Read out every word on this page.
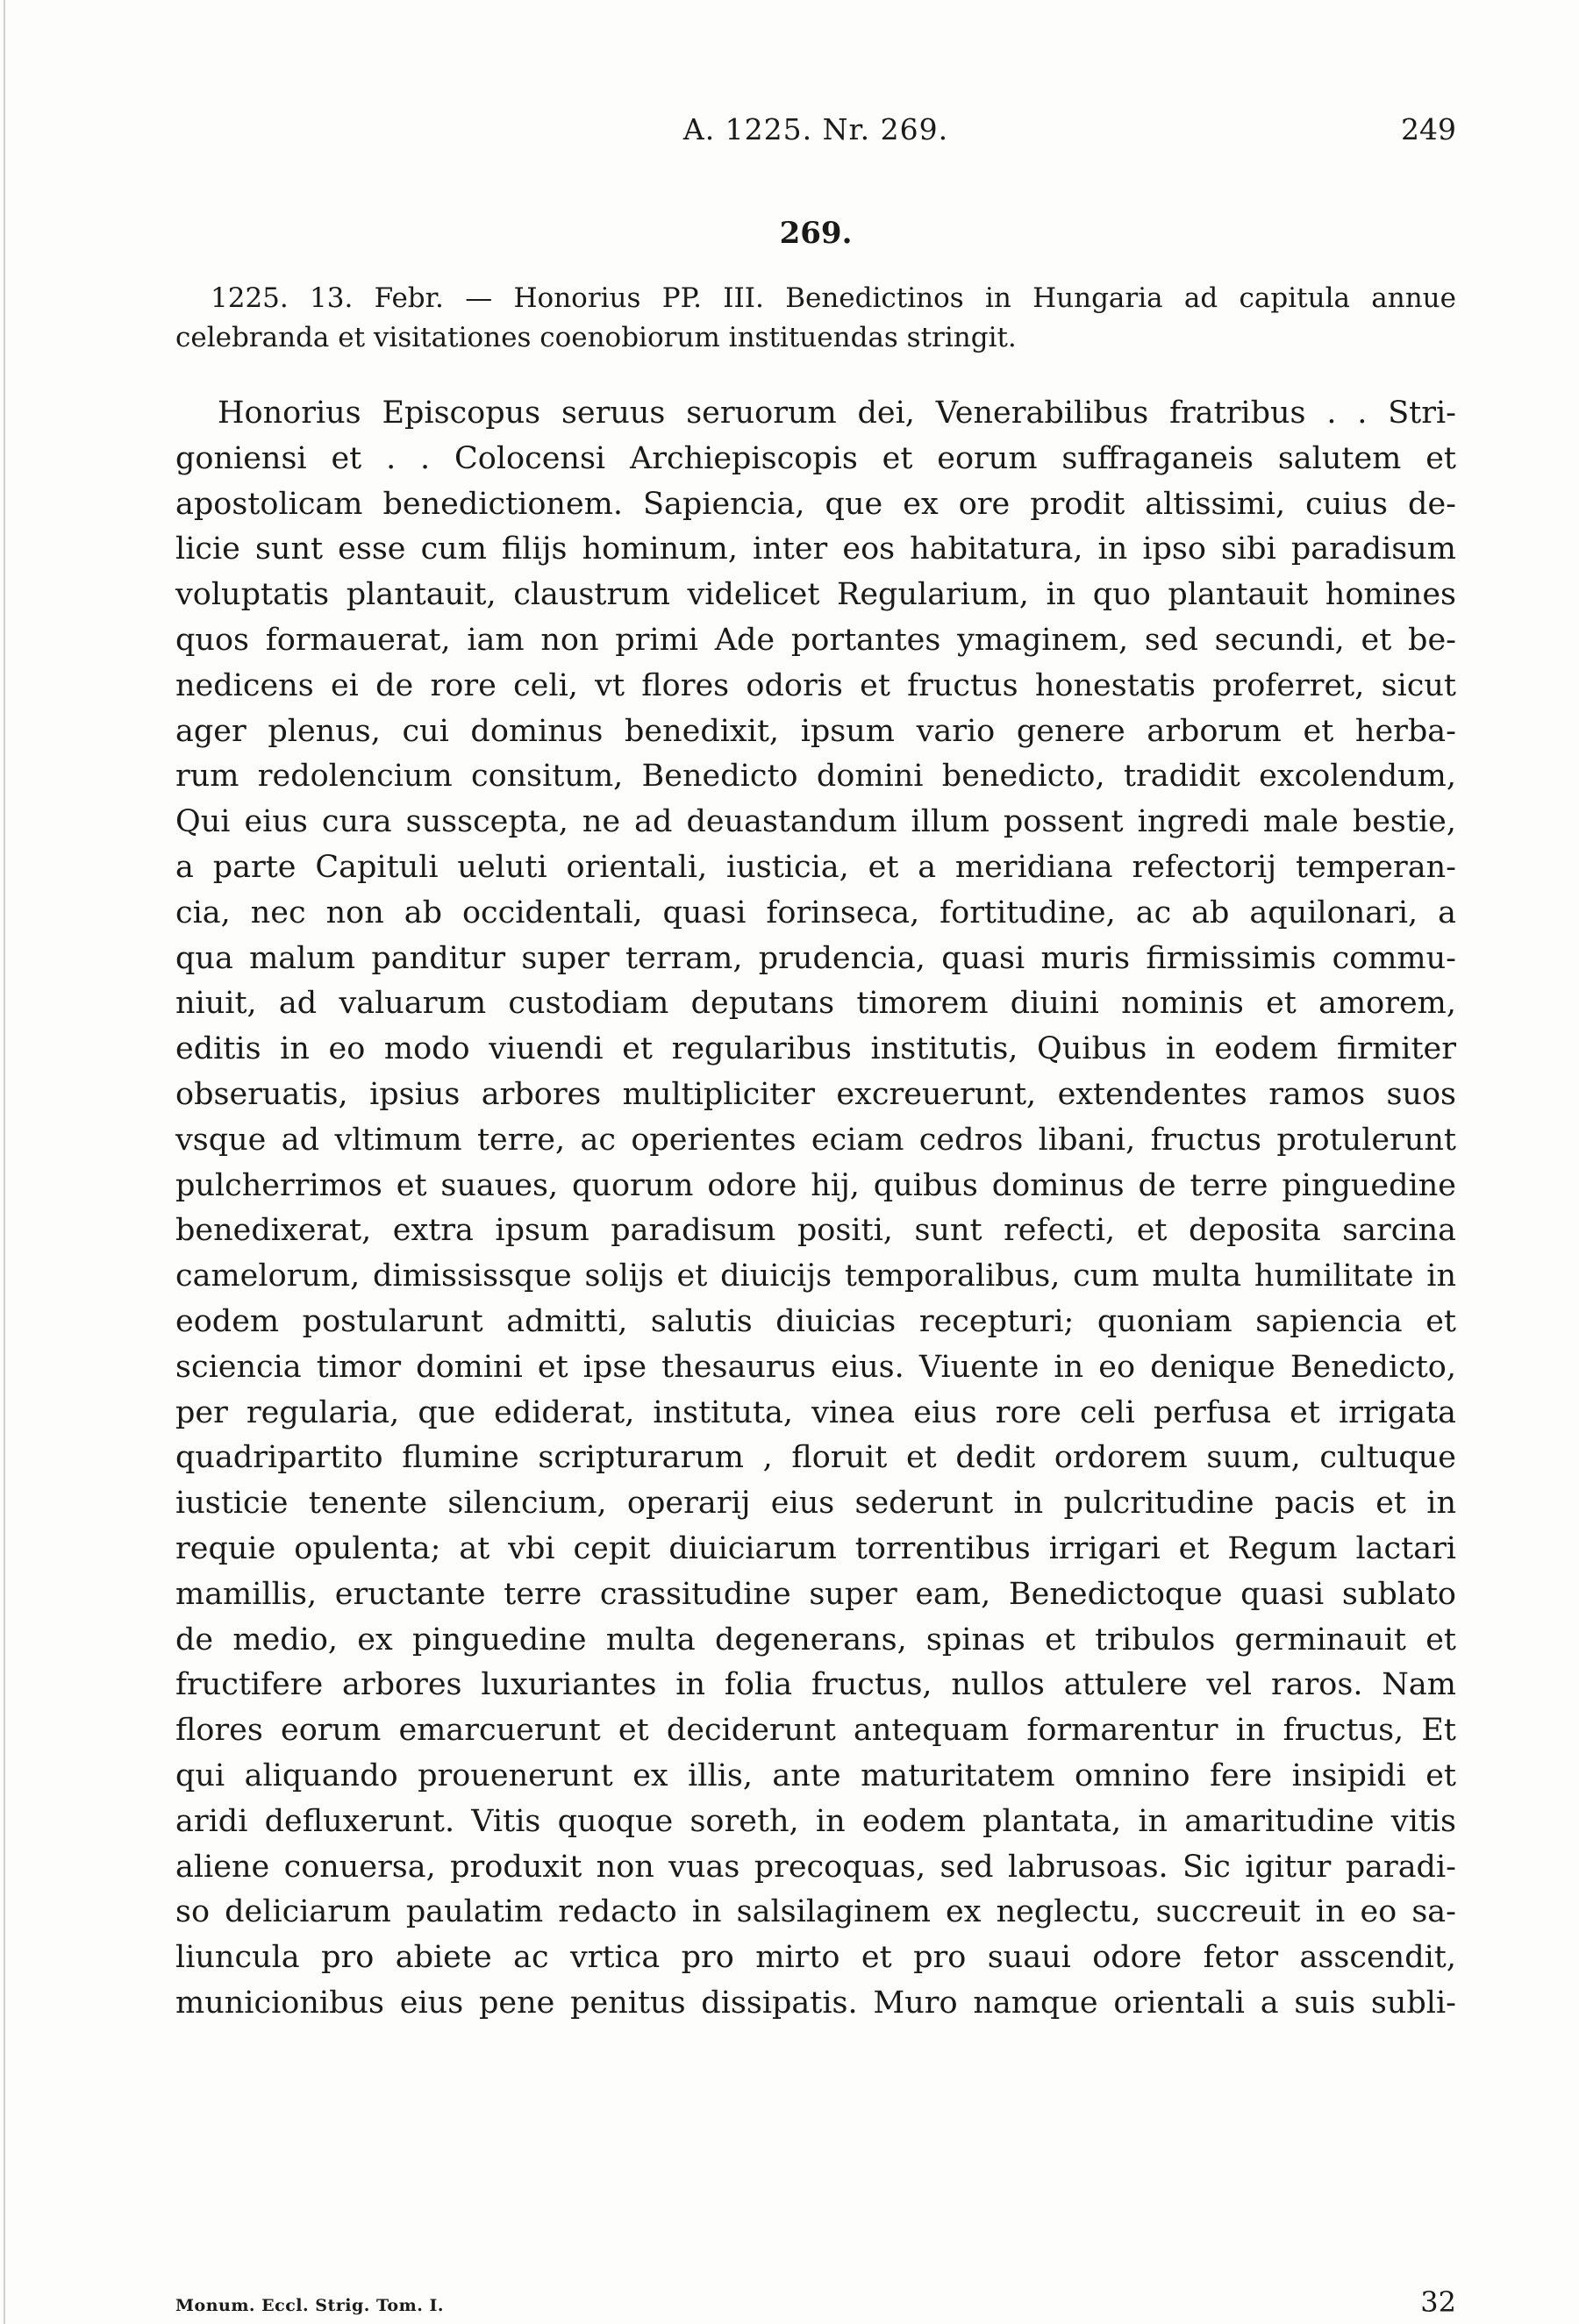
A. 1225. Nr. 269.	249
269.
1225. 13. Febr. — Honorius PP. III. Benedictinos in Hungaria ad capitula annue celebranda et visitationes coenobiorum instituendas stringit.
Honorius Episcopus seruus seruorum dei, Venerabilibus fratribus . . Stri-
goniensi et . . Colocensi Archiepiscopis et eorum suffraganeis salutem et
apostolicam benedictionem. Sapiencia, que ex ore prodit altissimi, cuius de-
licie sunt esse cum filijs hominum, inter eos habitatura, in ipso sibi paradisum
voluptatis plantauit, claustrum videlicet Regularium, in quo plantauit homines
quos formauerat, iam non primi Ade portantes ymaginem, sed secundi, et be-
nedicens ei de rore celi, vt flores odoris et fructus honestatis proferret, sicut
ager plenus, cui dominus benedixit, ipsum vario genere arborum et herba-
rum redolencium consitum, Benedicto domini benedicto, tradidit excolendum,
Qui eius cura susscepta, ne ad deuastandum illum possent ingredi male bestie,
a parte Capituli ueluti orientali, iusticia, et a meridiana refectorij temperan-
cia, nec non ab occidentali, quasi forinseca, fortitudine, ac ab aquilonari, a
qua malum panditur super terram, prudencia, quasi muris firmissimis commu-
niuit, ad valuarum custodiam deputans timorem diuini nominis et amorem,
editis in eo modo viuendi et regularibus institutis, Quibus in eodem firmiter
obseruatis, ipsius arbores multipliciter excreuerunt, extendentes ramos suos
vsque ad vltimum terre, ac operientes eciam cedros libani, fructus protulerunt
pulcherrimos et suaues, quorum odore hij, quibus dominus de terre pinguedine
benedixerat, extra ipsum paradisum positi, sunt refecti, et deposita sarcina
camelorum, dimississque solijs et diuicijs temporalibus, cum multa humilitate in
eodem postularunt admitti, salutis diuicias recepturi; quoniam sapiencia et
sciencia timor domini et ipse thesaurus eius. Viuente in eo denique Benedicto,
per regularia, que ediderat, instituta, vinea eius rore celi perfusa et irrigata
quadripartito flumine scripturarum , floruit et dedit ordorem suum, cultuque
iusticie tenente silencium, operarij eius sederunt in pulcritudine pacis et in
requie opulenta; at vbi cepit diuiciarum torrentibus irrigari et Regum lactari
mamillis, eructante terre crassitudine super eam, Benedictoque quasi sublato
de medio, ex pinguedine multa degenerans, spinas et tribulos germinauit et
fructifere arbores luxuriantes in folia fructus, nullos attulere vel raros. Nam
flores eorum emarcuerunt et deciderunt antequam formarentur in fructus, Et
qui aliquando prouenerunt ex illis, ante maturitatem omnino fere insipidi et
aridi defluxerunt. Vitis quoque soreth, in eodem plantata, in amaritudine vitis
aliene conuersa, produxit non vuas precoquas, sed labrusoas. Sic igitur paradi-
so deliciarum paulatim redacto in salsilaginem ex neglectu, succreuit in eo sa-
liuncula pro abiete ac vrtica pro mirto et pro suaui odore fetor asscendit,
municionibus eius pene penitus dissipatis. Muro namque orientali a suis subli-
Monum. Eccl. Strig. Tom. I.	32
